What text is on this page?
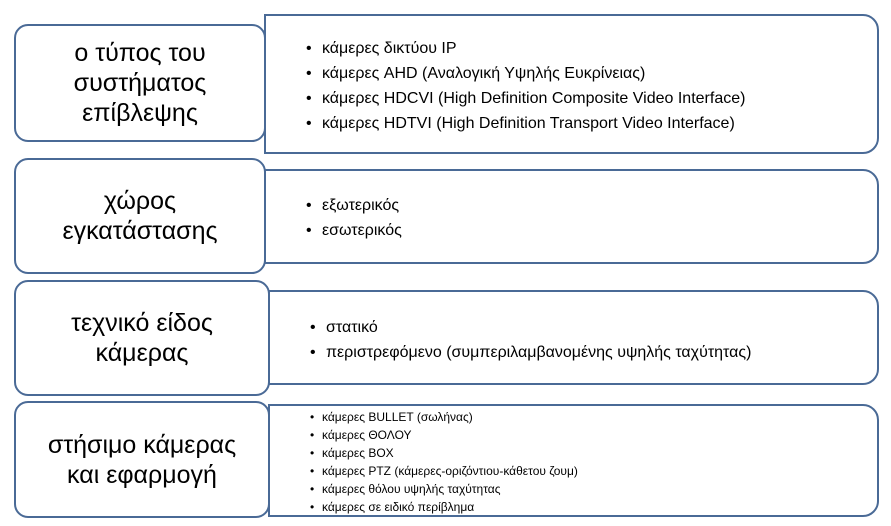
• κάμερες δικτύου IP
• κάμερες AHD (Αναλογική Υψηλής Ευκρίνειας)
• κάμερες HDCVI (High Definition Composite Video Interface)
• κάμερες HDTVI (High Definition Transport Video Interface)
ο τύπος του
συστήματος
επίβλεψης
• εξωτερικός
• εσωτερικός
χώρος
εγκατάστασης
• στατικό
• περιστρεφόμενο (συμπεριλαμβανομένης υψηλής ταχύτητας)
τεχνικό είδος
κάμερας
• κάμερες BULLET (σωλήνας)
• κάμερες ΘΟΛΟΥ
• κάμερες BOX
• κάμερες PTZ (κάμερες-οριζόντιου-κάθετου ζουμ)
• κάμερες θόλου υψηλής ταχύτητας
• κάμερες σε ειδικό περίβλημα
στήσιμο κάμερας
και εφαρμογή
